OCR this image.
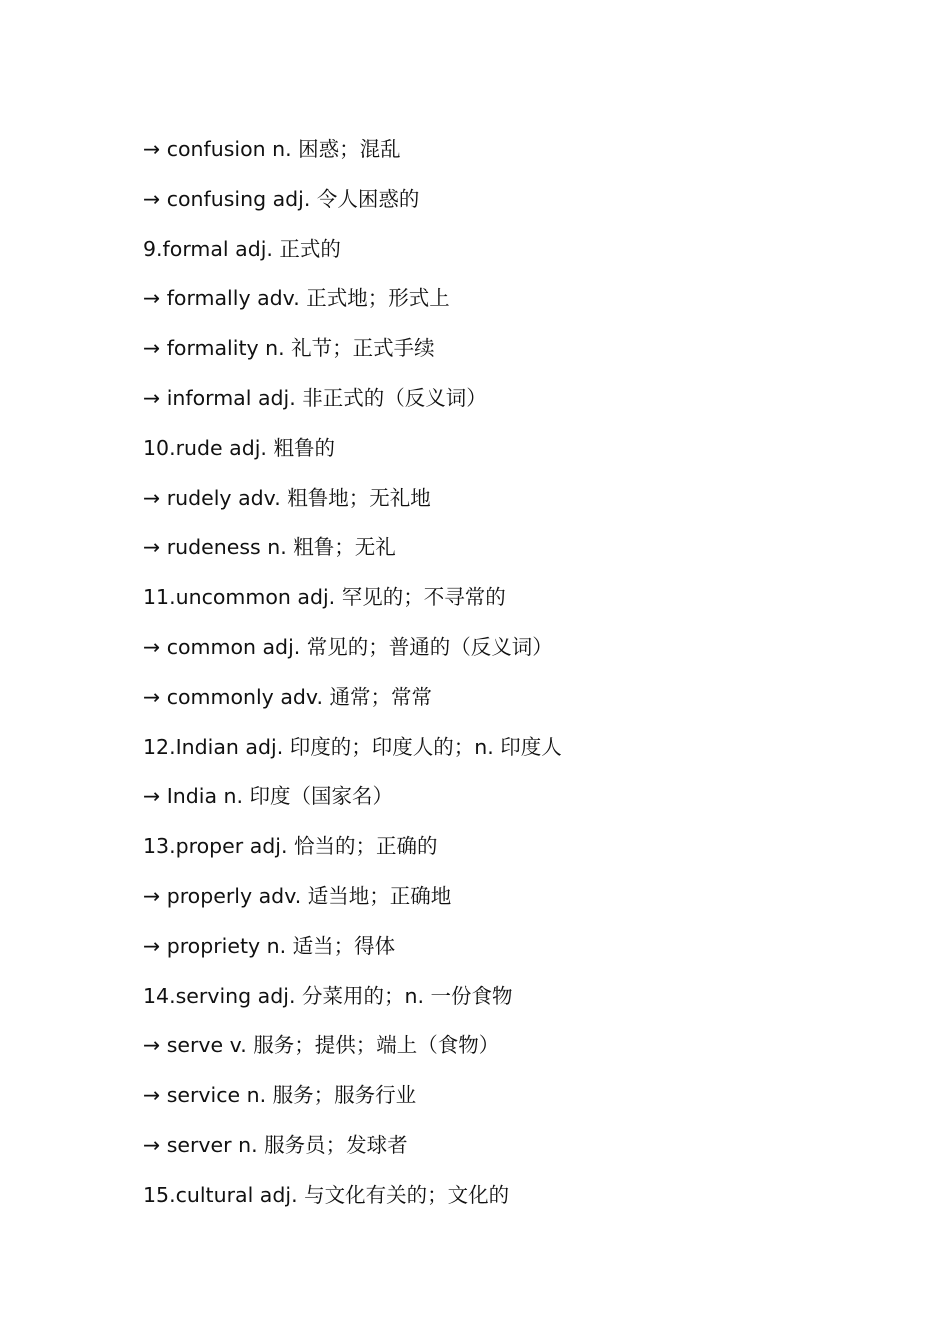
→ confusion n. 困惑；混乱
→ confusing adj. 令人困惑的
9.formal adj. 正式的
→ formally adv. 正式地；形式上
→ formality n. 礼节；正式手续
→ informal adj. 非正式的（反义词）
10.rude adj. 粗鲁的
→ rudely adv. 粗鲁地；无礼地
→ rudeness n. 粗鲁；无礼
11.uncommon adj. 罕见的；不寻常的
→ common adj. 常见的；普通的（反义词）
→ commonly adv. 通常；常常
12.Indian adj. 印度的；印度人的；n. 印度人
→ India n. 印度（国家名）
13.proper adj. 恰当的；正确的
→ properly adv. 适当地；正确地
→ propriety n. 适当；得体
14.serving adj. 分菜用的；n. 一份食物
→ serve v. 服务；提供；端上（食物）
→ service n. 服务；服务行业
→ server n. 服务员；发球者
15.cultural adj. 与文化有关的；文化的
